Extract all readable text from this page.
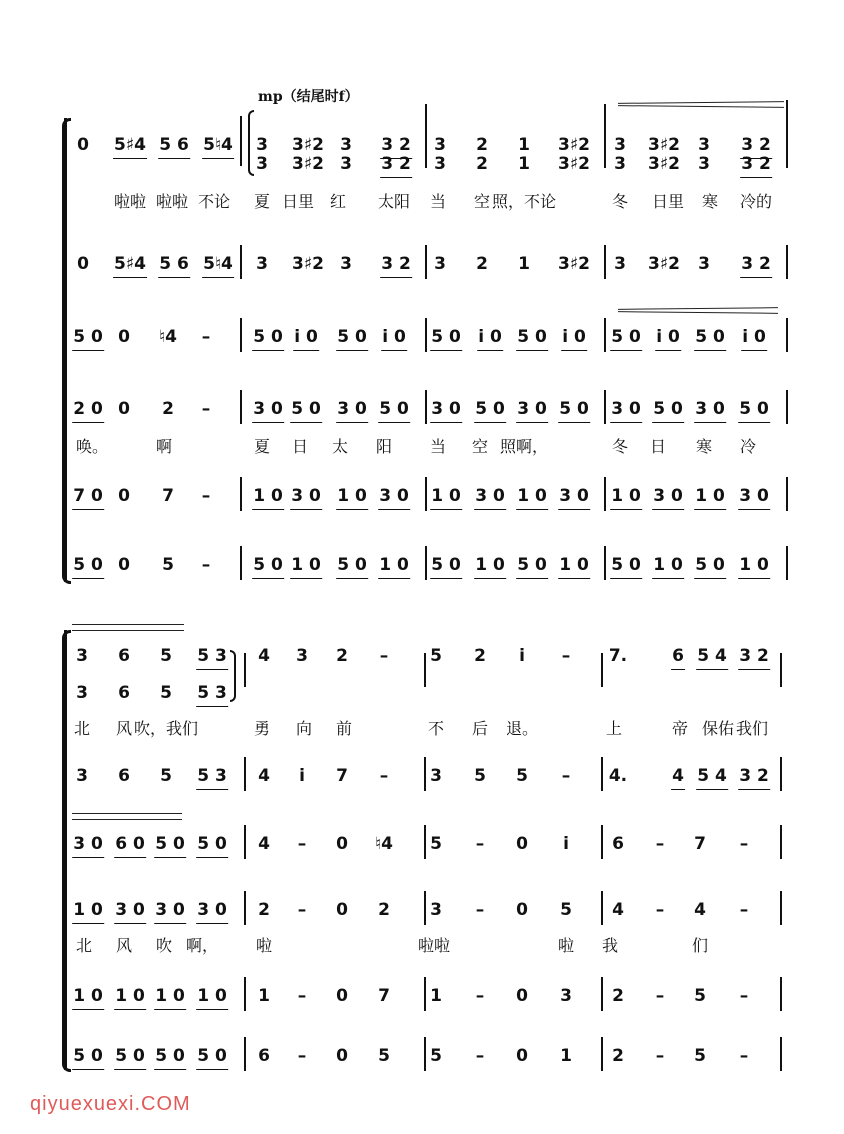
mp（结尾时f）
0 5♯4 5 6 5♮4 3 3♯2 3 3 2 3 2 1 3♯2 3 3♯2 3 3 2
3 3♯2 3 3 2 3 2 1 3♯2 3 3♯2 3 3 2
啦啦 啦啦 不论 夏 日里 红 太阳 当 空 照，不论	冬 日里 寒 冷的
0 5♯4 5 6 5♮4 3 3♯2 3 3 2 3 2 1 3♯2 3 3♯2 3 3 2
5 0 0 ♮4 –	5 0 i 0 5 0 i 0 5 0 i 0 5 0 i 0 5 0 i 0 5 0 i 0
2 0 0 2 –	3 0 5 0 3 0 5 0 3 0 5 0 3 0 5 0 3 0 5 0 3 0 5 0
唤。	啊	夏 日 太 阳 当 空 照啊，	冬 日 寒 冷
7 0 0 7 –	1 0 3 0 1 0 3 0 1 0 3 0 1 0 3 0 1 0 3 0 1 0 3 0
5 0 0 5 –	5 0 1 0 5 0 1 0 5 0 1 0 5 0 1 0 5 0 1 0 5 0 1 0
3 6 5 5 3 4 3 2 – 5 2 i – 7.	6 5 4 3 2
3 6 5 5 3
北 风 吹，我们	勇 向 前	不 后 退。	上	帝 保佑 我们
3 6 5 5 3 4 i 7 – 3 5 5 – 4.	4 5 4 3 2
3 0 6 0 5 0 5 0 4 – 0 ♮4 5 – 0 i	6 – 7 –
1 0 3 0 3 0 3 0 2 – 0 2 3 – 0 5 4 – 4 –
北 风 吹 啊， 啦	啦啦	啦 我	们
1 0 1 0 1 0 1 0 1 – 0 7 1 – 0 3 2 – 5 –
5 0 5 0 5 0 5 0 6 – 0 5 5 – 0 1 2 – 5 –
qiyuexuexi.COM
